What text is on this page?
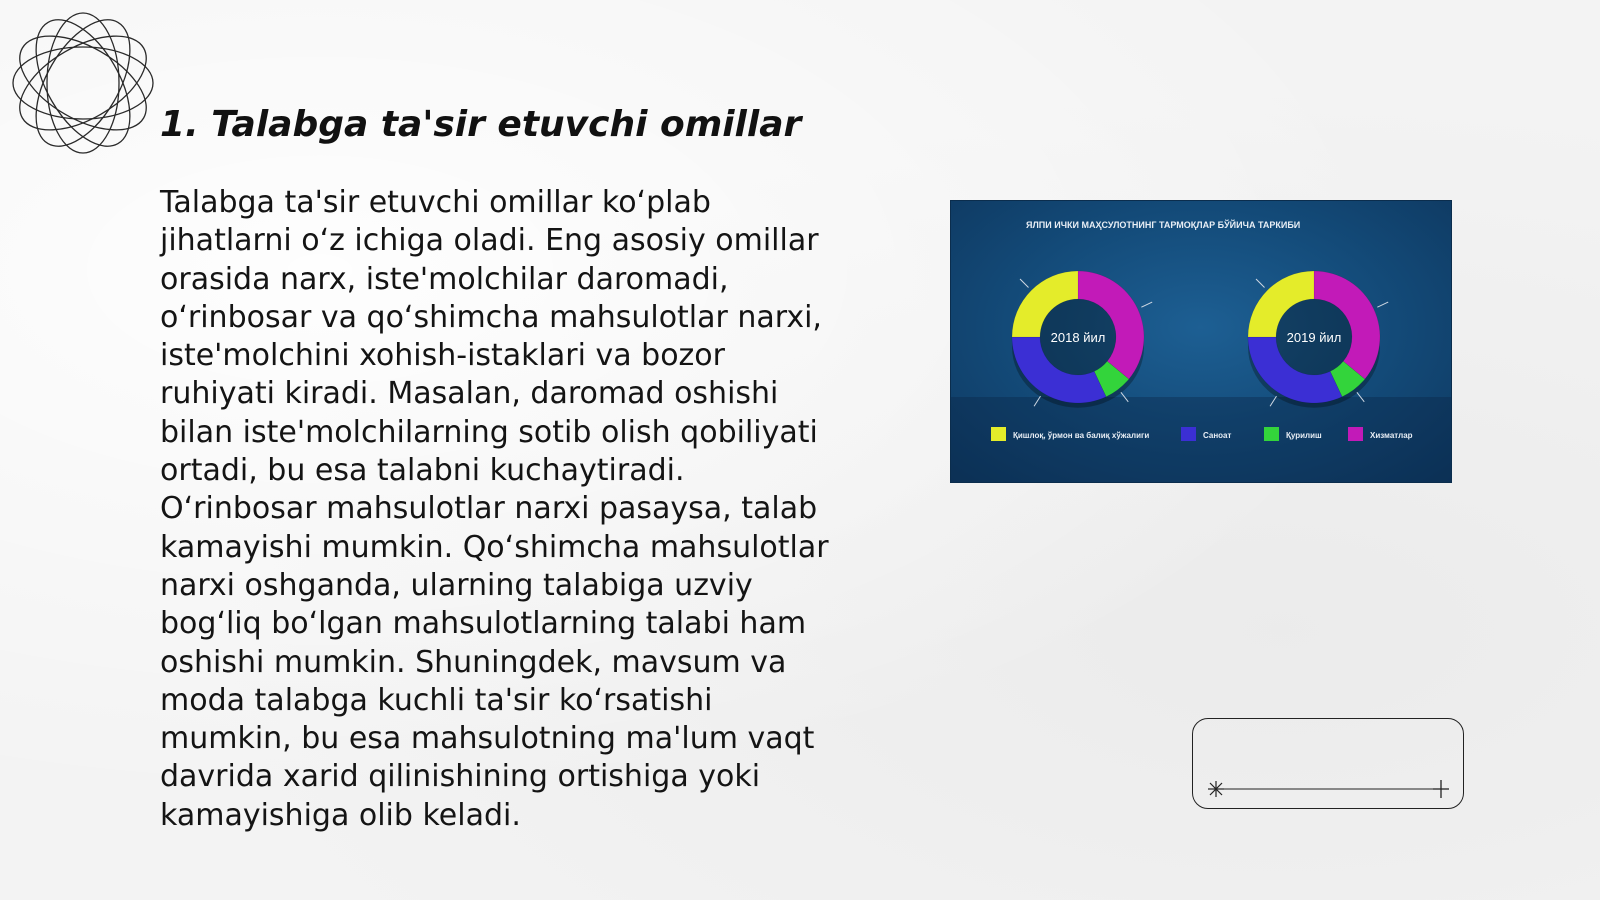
1. Talabga ta'sir etuvchi omillar

Talabga ta'sir etuvchi omillar koʻplab jihatlarni oʻz ichiga oladi. Eng asosiy omillar orasida narx, iste'molchilar daromadi, oʻrinbosar va qoʻshimcha mahsulotlar narxi, iste'molchini xohish-istaklari va bozor ruhiyati kiradi. Masalan, daromad oshishi bilan iste'molchilarning sotib olish qobiliyati ortadi, bu esa talabni kuchaytiradi. Oʻrinbosar mahsulotlar narxi pasaysa, talab kamayishi mumkin. Qoʻshimcha mahsulotlar narxi oshganda, ularning talabiga uzviy bogʻliq boʻlgan mahsulotlarning talabi ham oshishi mumkin. Shuningdek, mavsum va moda talabga kuchli ta'sir koʻrsatishi mumkin, bu esa mahsulotning ma'lum vaqt davrida xarid qilinishining ortishiga yoki kamayishiga olib keladi.

ЯЛПИ ИЧКИ МАҲСУЛОТНИНГ ТАРМОҚЛАР БЎЙИЧА ТАРКИБИ
2018 йил	2019 йил
Қишлоқ, ўрмон ва балиқ хўжалиги	Саноат	Қурилиш	Хизматлар
